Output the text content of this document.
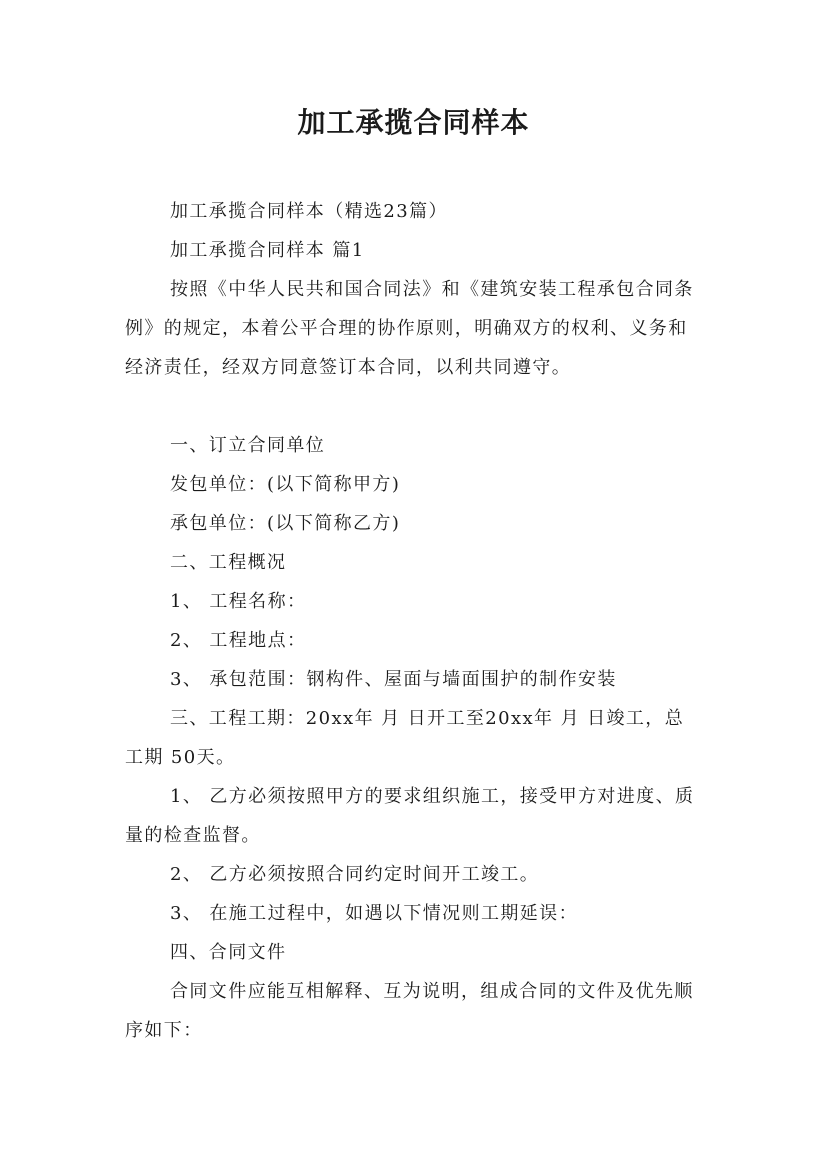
加工承揽合同样本

加工承揽合同样本（精选23篇）

加工承揽合同样本 篇1

按照《中华人民共和国合同法》和《建筑安装工程承包合同条例》的规定，本着公平合理的协作原则，明确双方的权利、义务和经济责任，经双方同意签订本合同，以利共同遵守。

一、订立合同单位

发包单位：(以下简称甲方)

承包单位：(以下简称乙方)

二、工程概况

1、 工程名称：

2、 工程地点：

3、 承包范围：钢构件、屋面与墙面围护的制作安装

三、工程工期：20xx年 月 日开工至20xx年 月 日竣工，总工期 50天。

1、 乙方必须按照甲方的要求组织施工，接受甲方对进度、质量的检查监督。

2、 乙方必须按照合同约定时间开工竣工。

3、 在施工过程中，如遇以下情况则工期延误：

四、合同文件

合同文件应能互相解释、互为说明，组成合同的文件及优先顺序如下：
